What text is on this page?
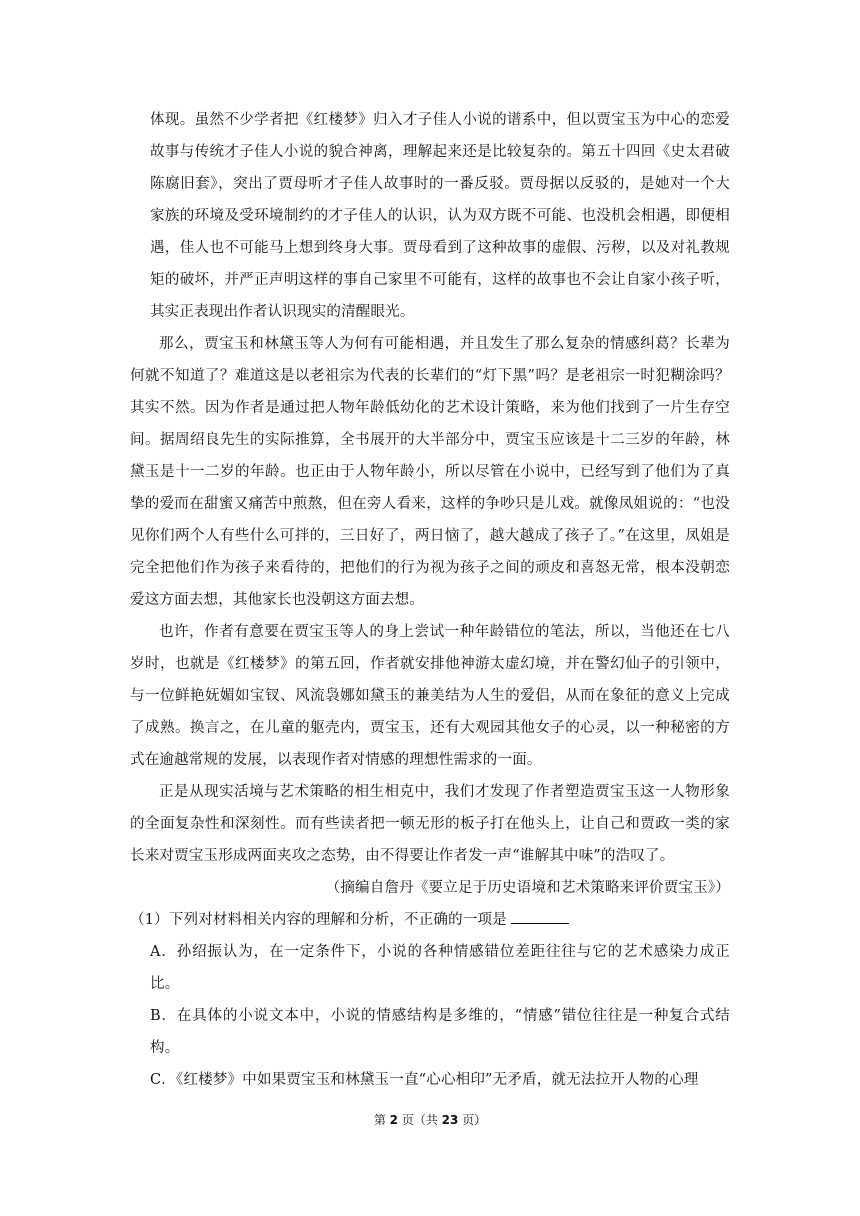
体现。虽然不少学者把《红楼梦》归入才子佳人小说的谱系中，但以贾宝玉为中心的恋爱故事与传统才子佳人小说的貌合神离，理解起来还是比较复杂的。第五十四回《史太君破陈腐旧套》，突出了贾母听才子佳人故事时的一番反驳。贾母据以反驳的，是她对一个大家族的环境及受环境制约的才子佳人的认识，认为双方既不可能、也没机会相遇，即便相遇，佳人也不可能马上想到终身大事。贾母看到了这种故事的虚假、污秽，以及对礼教规矩的破坏，并严正声明这样的事自己家里不可能有，这样的故事也不会让自家小孩子听，其实正表现出作者认识现实的清醒眼光。

那么，贾宝玉和林黛玉等人为何有可能相遇，并且发生了那么复杂的情感纠葛？长辈为何就不知道了？难道这是以老祖宗为代表的长辈们的“灯下黑”吗？是老祖宗一时犯糊涂吗？其实不然。因为作者是通过把人物年龄低幼化的艺术设计策略，来为他们找到了一片生存空间。据周绍良先生的实际推算，全书展开的大半部分中，贾宝玉应该是十二三岁的年龄，林黛玉是十一二岁的年龄。也正由于人物年龄小，所以尽管在小说中，已经写到了他们为了真挚的爱而在甜蜜又痛苦中煎熬，但在旁人看来，这样的争吵只是儿戏。就像凤姐说的：“也没见你们两个人有些什么可拌的，三日好了，两日恼了，越大越成了孩子了。”在这里，凤姐是完全把他们作为孩子来看待的，把他们的行为视为孩子之间的顽皮和喜怒无常，根本没朝恋爱这方面去想，其他家长也没朝这方面去想。

也许，作者有意要在贾宝玉等人的身上尝试一种年龄错位的笔法，所以，当他还在七八岁时，也就是《红楼梦》的第五回，作者就安排他神游太虚幻境，并在警幻仙子的引领中，与一位鲜艳妩媚如宝钗、风流袅娜如黛玉的兼美结为人生的爱侣，从而在象征的意义上完成了成熟。换言之，在儿童的躯壳内，贾宝玉，还有大观园其他女子的心灵，以一种秘密的方式在逾越常规的发展，以表现作者对情感的理想性需求的一面。

正是从现实活境与艺术策略的相生相克中，我们才发现了作者塑造贾宝玉这一人物形象的全面复杂性和深刻性。而有些读者把一顿无形的板子打在他头上，让自己和贾政一类的家长来对贾宝玉形成两面夹攻之态势，由不得要让作者发一声“谁解其中味”的浩叹了。

（摘编自詹丹《要立足于历史语境和艺术策略来评价贾宝玉》）

（1）下列对材料相关内容的理解和分析，不正确的一项是

A．孙绍振认为，在一定条件下，小说的各种情感错位差距往往与它的艺术感染力成正比。

B．在具体的小说文本中，小说的情感结构是多维的，“情感”错位往往是一种复合式结构。

C．《红楼梦》中如果贾宝玉和林黛玉一直“心心相印”无矛盾，就无法拉开人物的心理

第 2 页（共 23 页）
